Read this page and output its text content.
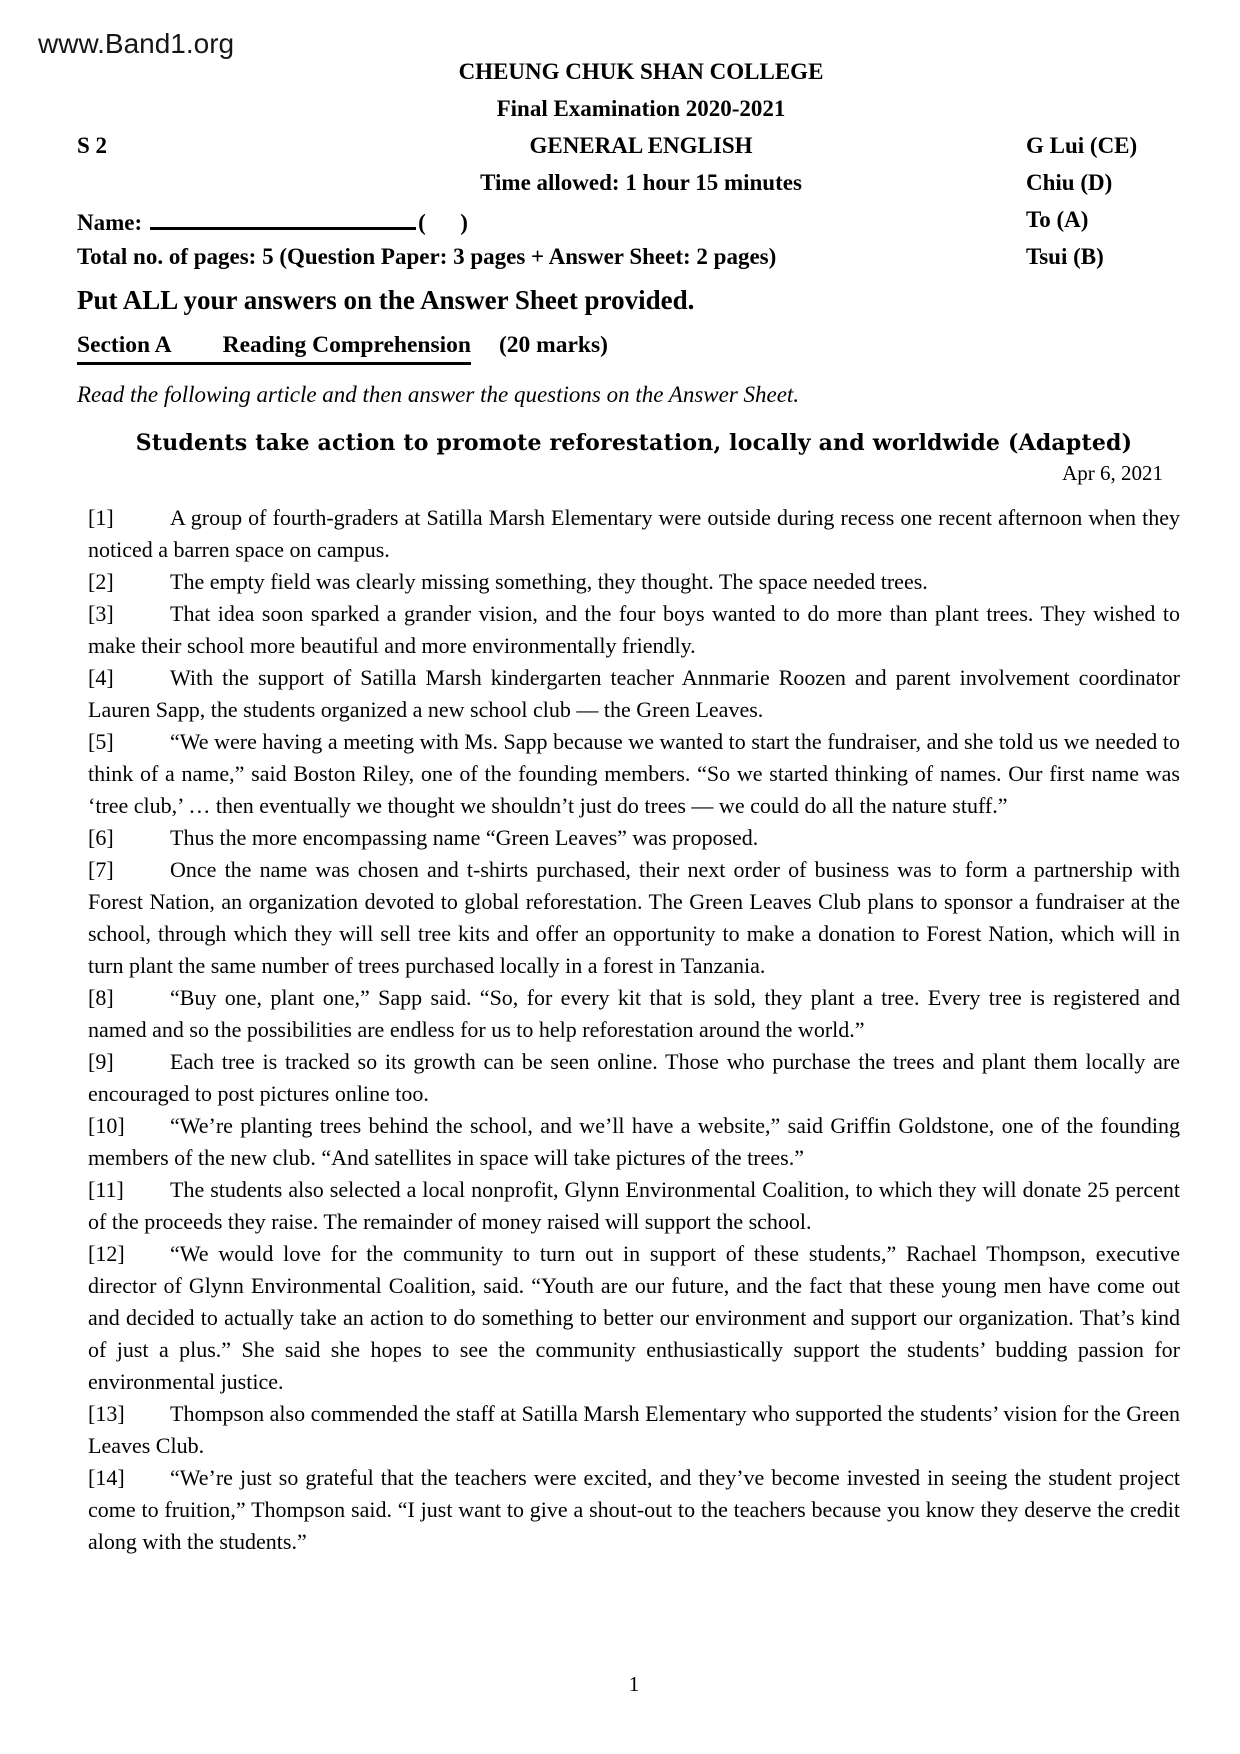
www.Band1.org
CHEUNG CHUK SHAN COLLEGE
Final Examination 2020-2021
S 2	GENERAL ENGLISH	G Lui (CE)
Time allowed: 1 hour 15 minutes	Chiu (D)
Name:	(      )	To (A)
Total no. of pages: 5 (Question Paper: 3 pages + Answer Sheet: 2 pages)	Tsui (B)
Put ALL your answers on the Answer Sheet provided.
Section A Reading Comprehension (20 marks)
Read the following article and then answer the questions on the Answer Sheet.
Students take action to promote reforestation, locally and worldwide (Adapted)
Apr 6, 2021

[1]	A group of fourth-graders at Satilla Marsh Elementary were outside during recess one recent afternoon when they noticed a barren space on campus.

[2]	The empty field was clearly missing something, they thought. The space needed trees.

[3]	That idea soon sparked a grander vision, and the four boys wanted to do more than plant trees. They wished to make their school more beautiful and more environmentally friendly.

[4]	With the support of Satilla Marsh kindergarten teacher Annmarie Roozen and parent involvement coordinator Lauren Sapp, the students organized a new school club — the Green Leaves.

[5]	“We were having a meeting with Ms. Sapp because we wanted to start the fundraiser, and she told us we needed to think of a name,” said Boston Riley, one of the founding members. “So we started thinking of names. Our first name was ‘tree club,’ … then eventually we thought we shouldn’t just do trees — we could do all the nature stuff.”

[6]	Thus the more encompassing name “Green Leaves” was proposed.

[7]	Once the name was chosen and t-shirts purchased, their next order of business was to form a partnership with Forest Nation, an organization devoted to global reforestation. The Green Leaves Club plans to sponsor a fundraiser at the school, through which they will sell tree kits and offer an opportunity to make a donation to Forest Nation, which will in turn plant the same number of trees purchased locally in a forest in Tanzania.

[8]	“Buy one, plant one,” Sapp said. “So, for every kit that is sold, they plant a tree. Every tree is registered and named and so the possibilities are endless for us to help reforestation around the world.”

[9]	Each tree is tracked so its growth can be seen online. Those who purchase the trees and plant them locally are encouraged to post pictures online too.

[10] “We’re planting trees behind the school, and we’ll have a website,” said Griffin Goldstone, one of the founding members of the new club. “And satellites in space will take pictures of the trees.”

[11] The students also selected a local nonprofit, Glynn Environmental Coalition, to which they will donate 25 percent of the proceeds they raise. The remainder of money raised will support the school.

[12] “We would love for the community to turn out in support of these students,” Rachael Thompson, executive director of Glynn Environmental Coalition, said. “Youth are our future, and the fact that these young men have come out and decided to actually take an action to do something to better our environment and support our organization. That’s kind of just a plus.” She said she hopes to see the community enthusiastically support the students’ budding passion for environmental justice.

[13] Thompson also commended the staff at Satilla Marsh Elementary who supported the students’ vision for the Green Leaves Club.

[14] “We’re just so grateful that the teachers were excited, and they’ve become invested in seeing the student project come to fruition,” Thompson said. “I just want to give a shout-out to the teachers because you know they deserve the credit along with the students.”

1
